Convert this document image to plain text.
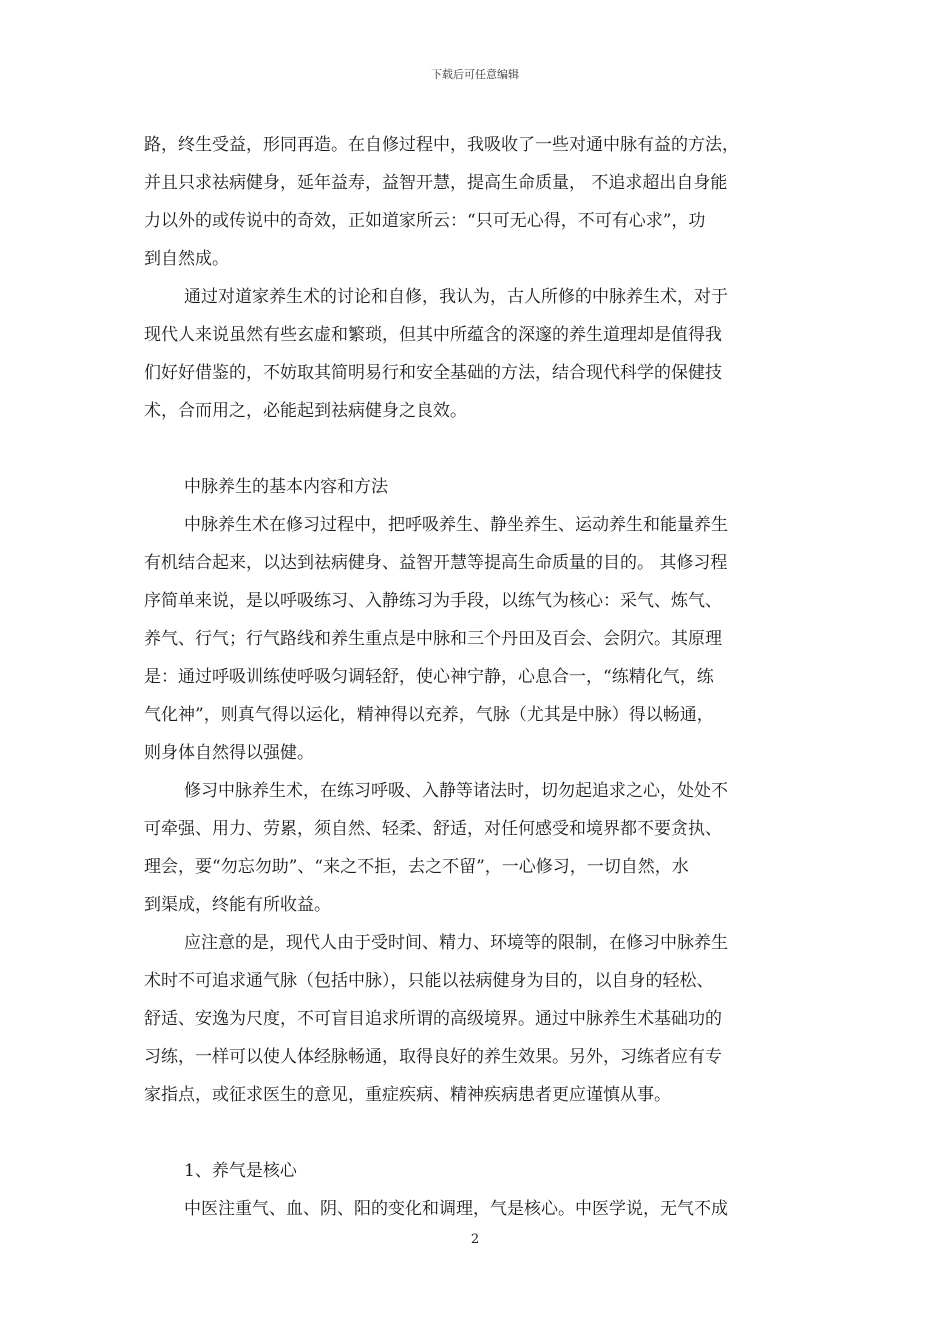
下载后可任意编辑
路，终生受益，形同再造。在自修过程中，我吸收了一些对通中脉有益的方法，
并且只求祛病健身，延年益寿，益智开慧，提高生命质量， 不追求超出自身能
力以外的或传说中的奇效，正如道家所云：“只可无心得，不可有心求”，功
到自然成。
通过对道家养生术的讨论和自修，我认为，古人所修的中脉养生术，对于
现代人来说虽然有些玄虚和繁琐，但其中所蕴含的深邃的养生道理却是值得我
们好好借鉴的，不妨取其简明易行和安全基础的方法，结合现代科学的保健技
术，合而用之，必能起到祛病健身之良效。
中脉养生的基本内容和方法
中脉养生术在修习过程中，把呼吸养生、静坐养生、运动养生和能量养生
有机结合起来，以达到祛病健身、益智开慧等提高生命质量的目的。 其修习程
序简单来说，是以呼吸练习、入静练习为手段，以练气为核心：采气、炼气、
养气、行气；行气路线和养生重点是中脉和三个丹田及百会、会阴穴。其原理
是：通过呼吸训练使呼吸匀调轻舒，使心神宁静，心息合一，“练精化气，练
气化神”，则真气得以运化，精神得以充养，气脉（尤其是中脉）得以畅通，
则身体自然得以强健。
修习中脉养生术，在练习呼吸、入静等诸法时，切勿起追求之心，处处不
可牵强、用力、劳累，须自然、轻柔、舒适，对任何感受和境界都不要贪执、
理会，要“勿忘勿助”、“来之不拒，去之不留”，一心修习，一切自然，水
到渠成，终能有所收益。
应注意的是，现代人由于受时间、精力、环境等的限制，在修习中脉养生
术时不可追求通气脉（包括中脉），只能以祛病健身为目的，以自身的轻松、
舒适、安逸为尺度，不可盲目追求所谓的高级境界。通过中脉养生术基础功的
习练，一样可以使人体经脉畅通，取得良好的养生效果。另外，习练者应有专
家指点，或征求医生的意见，重症疾病、精神疾病患者更应谨慎从事。
1、养气是核心
中医注重气、血、阴、阳的变化和调理，气是核心。中医学说，无气不成
2
